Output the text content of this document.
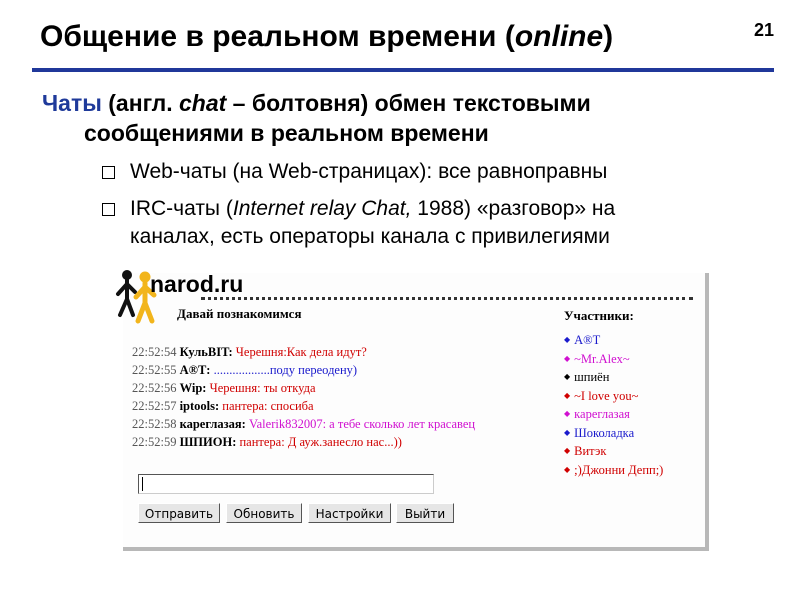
Общение в реальном времени (online)	21
Чаты (англ. chat – болтовня) обмен текстовыми
сообщениями в реальном времени
Web-чаты (на Web-страницах): все равноправны
IRC-чаты (Internet relay Chat, 1988) «разговор» на
каналах, есть операторы канала с привилегиями
narod.ru
Давай познакомимся	Участники:
22:52:54 КульBIT: Черешня:Как дела идут?
22:52:55 А®Т: ..................поду переодену)
22:52:56 Wip: Черешня: ты откуда
22:52:57 iptools: пантера: спосиба
22:52:58 кареглазая: Valerik832007: а тебе сколько лет красавец
22:52:59 ШПИОН: пантера: Д ауж.занесло нас...))
◆ А®Т
◆ ~Mr.Alex~
◆ шпиён
◆ ~I love you~
◆ кареглазая
◆ Шоколадка
◆ Витэк
◆ ;)Джонни Депп;)
Отправить	Обновить	Настройки	Выйти
